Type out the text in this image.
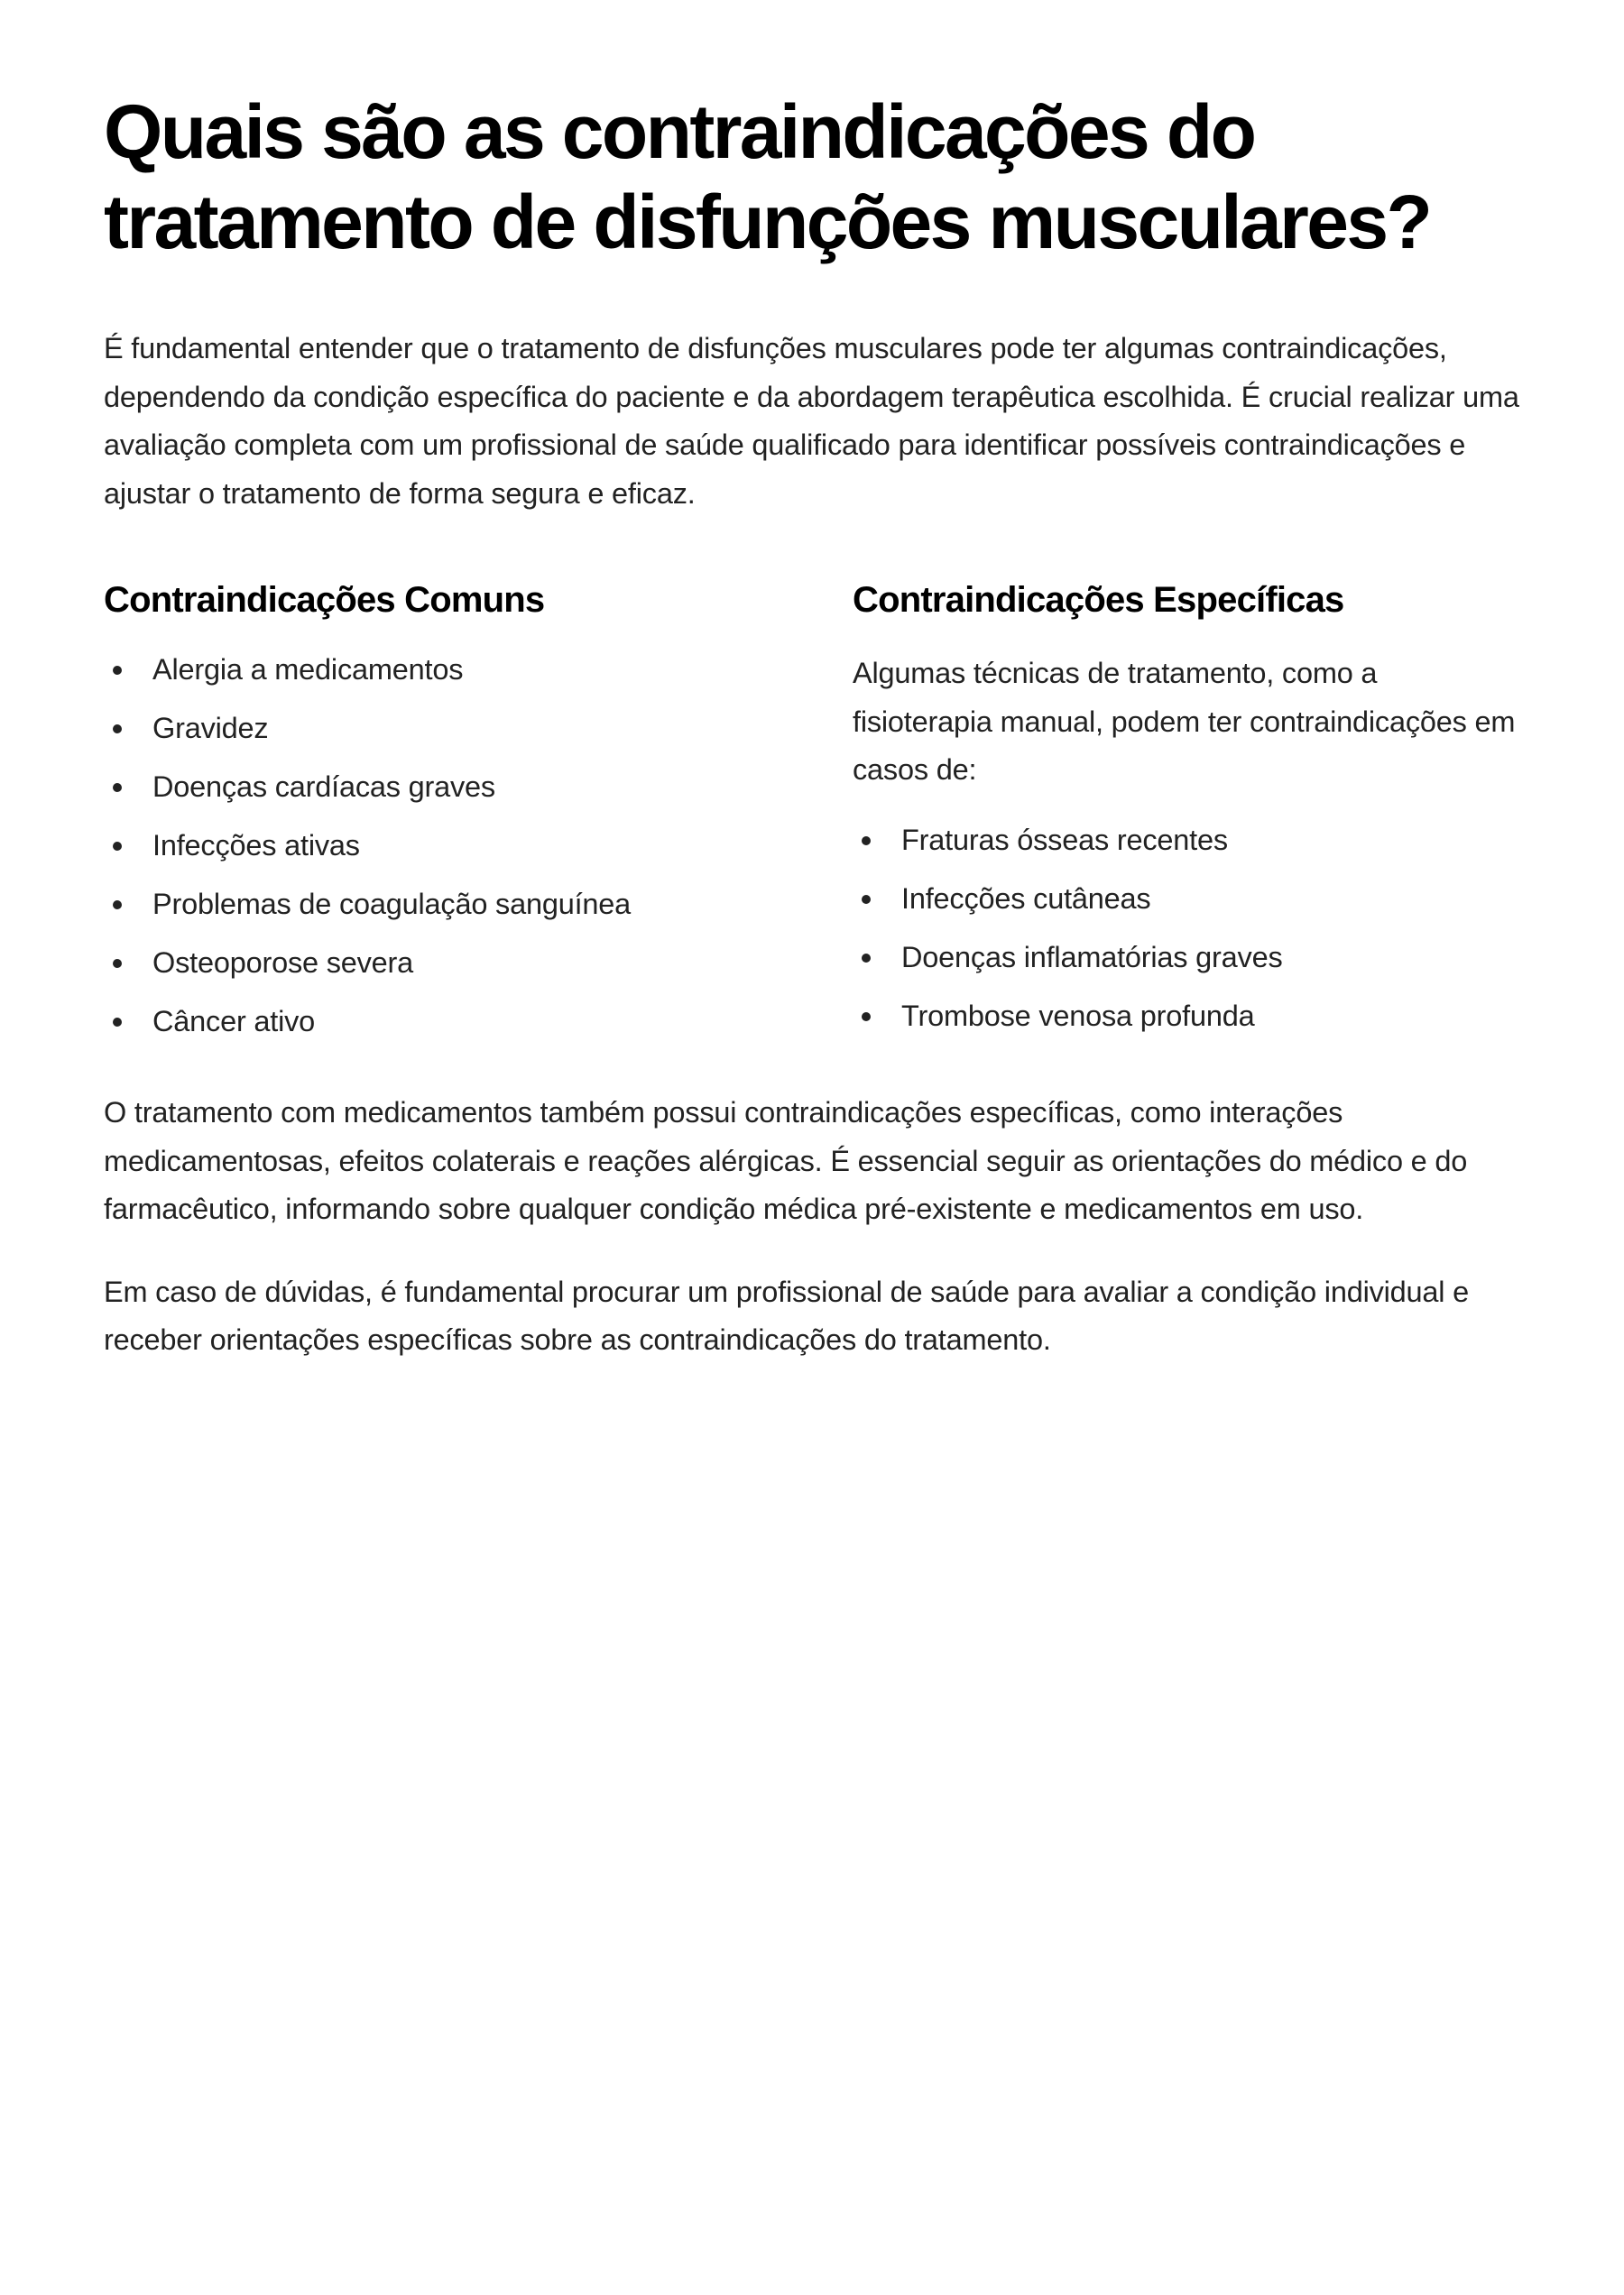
Quais são as contraindicações do tratamento de disfunções musculares?

É fundamental entender que o tratamento de disfunções musculares pode ter algumas contraindicações, dependendo da condição específica do paciente e da abordagem terapêutica escolhida. É crucial realizar uma avaliação completa com um profissional de saúde qualificado para identificar possíveis contraindicações e ajustar o tratamento de forma segura e eficaz.

Contraindicações Comuns
Alergia a medicamentos
Gravidez
Doenças cardíacas graves
Infecções ativas
Problemas de coagulação sanguínea
Osteoporose severa
Câncer ativo
Contraindicações Específicas

Algumas técnicas de tratamento, como a fisioterapia manual, podem ter contraindicações em casos de:

Fraturas ósseas recentes
Infecções cutâneas
Doenças inflamatórias graves
Trombose venosa profunda

O tratamento com medicamentos também possui contraindicações específicas, como interações medicamentosas, efeitos colaterais e reações alérgicas. É essencial seguir as orientações do médico e do farmacêutico, informando sobre qualquer condição médica pré-existente e medicamentos em uso.

Em caso de dúvidas, é fundamental procurar um profissional de saúde para avaliar a condição individual e receber orientações específicas sobre as contraindicações do tratamento.
